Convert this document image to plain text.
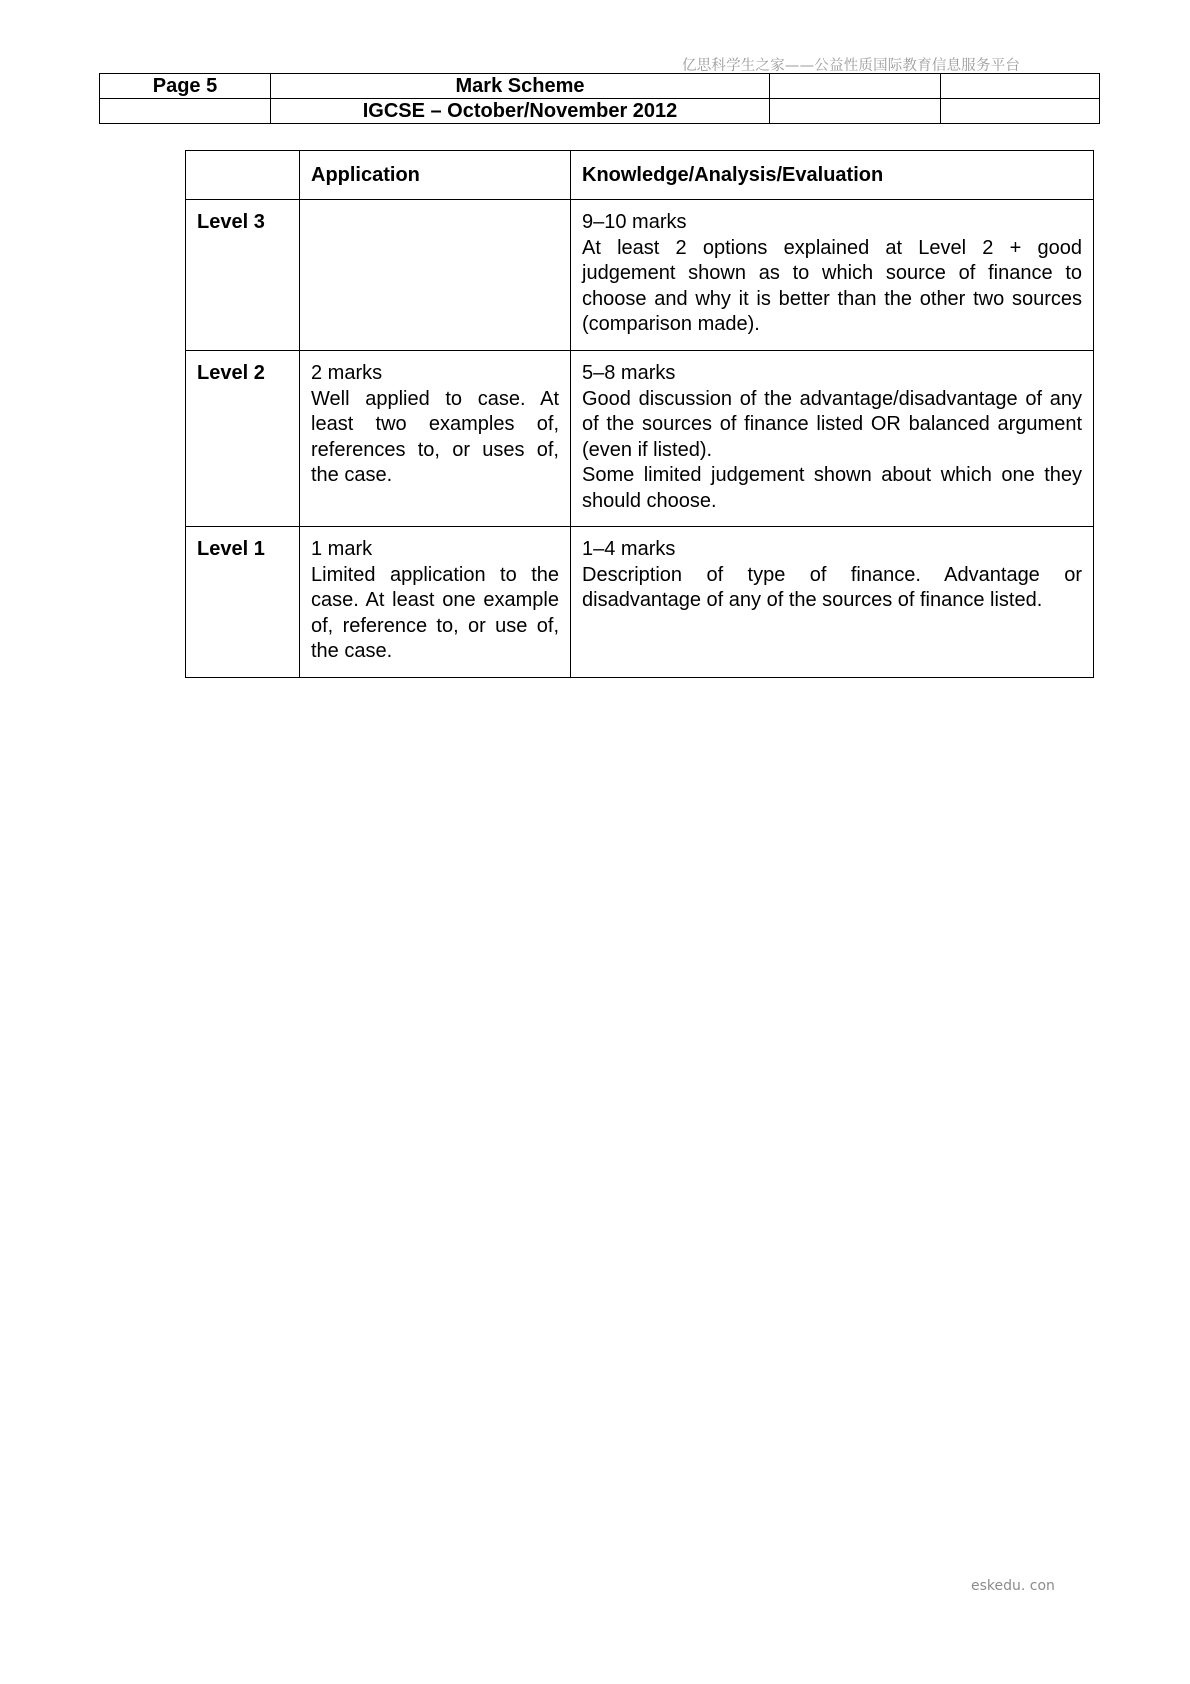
亿思科学生之家——公益性质国际教育信息服务平台
Page 5	Mark Scheme		
	IGCSE – October/November 2012		
	Application	Knowledge/Analysis/Evaluation
Level 3		9–10 marks
At least 2 options explained at Level 2 + good judgement shown as to which source of finance to choose and why it is better than the other two sources (comparison made).

Level 2	2 marks
Well applied to case. At least two examples of, references to, or uses of, the case.	5–8 marks
Good discussion of the advantage/disadvantage of any of the sources of finance listed OR balanced argument (even if listed).
Some limited judgement shown about which one they should choose.

Level 1	1 mark
Limited application to the case. At least one example of, reference to, or use of, the case.	1–4 marks
Description of type of finance. Advantage or disadvantage of any of the sources of finance listed.
eskedu. con
